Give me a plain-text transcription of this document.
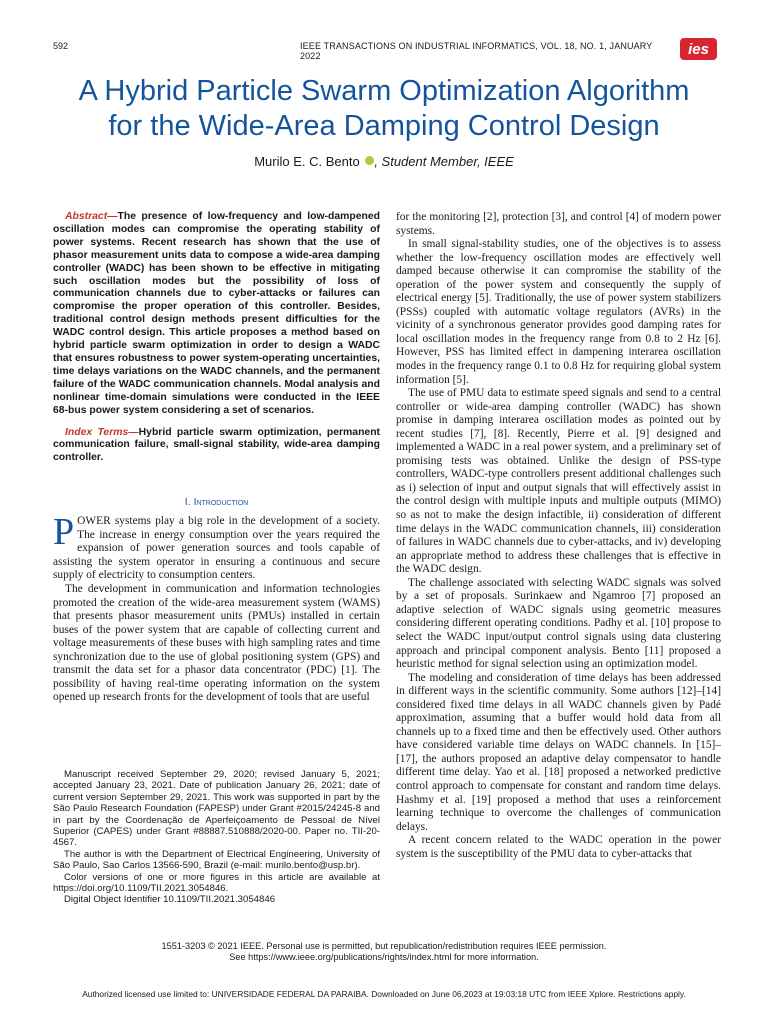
592	IEEE TRANSACTIONS ON INDUSTRIAL INFORMATICS, VOL. 18, NO. 1, JANUARY 2022	ies
A Hybrid Particle Swarm Optimization Algorithm
for the Wide-Area Damping Control Design
Murilo E. C. Bento , Student Member, IEEE

Abstract—The presence of low-frequency and low-dampened oscillation modes can compromise the operating stability of power systems. Recent research has shown that the use of phasor measurement units data to compose a wide-area damping controller (WADC) has been shown to be effective in mitigating such oscillation modes but the possibility of loss of communication channels due to cyber-attacks or failures can compromise the proper operation of this controller. Besides, traditional control design methods present difficulties for the WADC control design. This article proposes a method based on hybrid particle swarm optimization in order to design a WADC that ensures robustness to power system-operating uncertainties, time delays variations on the WADC channels, and the permanent failure of the WADC communication channels. Modal analysis and nonlinear time-domain simulations were conducted in the IEEE 68-bus power system considering a set of scenarios.

Index Terms—Hybrid particle swarm optimization, permanent communication failure, small-signal stability, wide-area damping controller.

I. Introduction

POWER systems play a big role in the development of a society. The increase in energy consumption over the years required the expansion of power generation sources and tools capable of assisting the system operator in ensuring a continuous and secure supply of electricity to consumption centers.

The development in communication and information technologies promoted the creation of the wide-area measurement system (WAMS) that presents phasor measurement units (PMUs) installed in certain buses of the power system that are capable of collecting current and voltage measurements of these buses with high sampling rates and time synchronization due to the use of global positioning system (GPS) and transmit the data set for a phasor data concentrator (PDC) [1]. The possibility of having real-time operating information on the system opened up research fronts for the development of tools that are useful

Manuscript received September 29, 2020; revised January 5, 2021; accepted January 23, 2021. Date of publication January 26, 2021; date of current version September 29, 2021. This work was supported in part by the São Paulo Research Foundation (FAPESP) under Grant #2015/24245-8 and in part by the Coordenação de Aperfeiçoamento de Pessoal de Nível Superior (CAPES) under Grant #88887.510888/2020-00. Paper no. TII-20-4567.

The author is with the Department of Electrical Engineering, University of São Paulo, Sao Carlos 13566-590, Brazil (e-mail: murilo.bento@usp.br).

Color versions of one or more figures in this article are available at https://doi.org/10.1109/TII.2021.3054846.

Digital Object Identifier 10.1109/TII.2021.3054846

for the monitoring [2], protection [3], and control [4] of modern power systems.

In small signal-stability studies, one of the objectives is to assess whether the low-frequency oscillation modes are effectively well damped because otherwise it can compromise the stability of the operation of the power system and consequently the supply of electrical energy [5]. Traditionally, the use of power system stabilizers (PSSs) coupled with automatic voltage regulators (AVRs) in the vicinity of a synchronous generator provides good damping rates for local oscillation modes in the frequency range from 0.8 to 2 Hz [6]. However, PSS has limited effect in dampening interarea oscillation modes in the frequency range 0.1 to 0.8 Hz for requiring global system information [5].

The use of PMU data to estimate speed signals and send to a central controller or wide-area damping controller (WADC) has shown promise in damping interarea oscillation modes as pointed out by recent studies [7], [8]. Recently, Pierre et al. [9] designed and implemented a WADC in a real power system, and a preliminary set of promising tests was obtained. Unlike the design of PSS-type controllers, WADC-type controllers present additional challenges such as i) selection of input and output signals that will effectively assist in the control design with multiple inputs and multiple outputs (MIMO) so as not to make the design infactible, ii) consideration of different time delays in the WADC communication channels, iii) consideration of failures in WADC channels due to cyber-attacks, and iv) developing an appropriate method to address these challenges that is effective in the WADC design.

The challenge associated with selecting WADC signals was solved by a set of proposals. Surinkaew and Ngamroo [7] proposed an adaptive selection of WADC signals using geometric measures considering different operating conditions. Padhy et al. [10] propose to select the WADC input/output control signals using data clustering approach and principal component analysis. Bento [11] proposed a heuristic method for signal selection using an optimization model.

The modeling and consideration of time delays has been addressed in different ways in the scientific community. Some authors [12]–[14] considered fixed time delays in all WADC channels given by Padé approximation, assuming that a buffer would hold data from all channels up to a fixed time and then be effectively used. Other authors have considered variable time delays on WADC channels. In [15]–[17], the authors proposed an adaptive delay compensator to handle different time delay. Yao et al. [18] proposed a networked predictive control approach to compensate for constant and random time delays. Hashmy et al. [19] proposed a method that uses a reinforcement learning technique to overcome the challenges of communication delays.

A recent concern related to the WADC operation in the power system is the susceptibility of the PMU data to cyber-attacks that

1551-3203 © 2021 IEEE. Personal use is permitted, but republication/redistribution requires IEEE permission.
See https://www.ieee.org/publications/rights/index.html for more information.
Authorized licensed use limited to: UNIVERSIDADE FEDERAL DA PARAIBA. Downloaded on June 06,2023 at 19:03:18 UTC from IEEE Xplore. Restrictions apply.
